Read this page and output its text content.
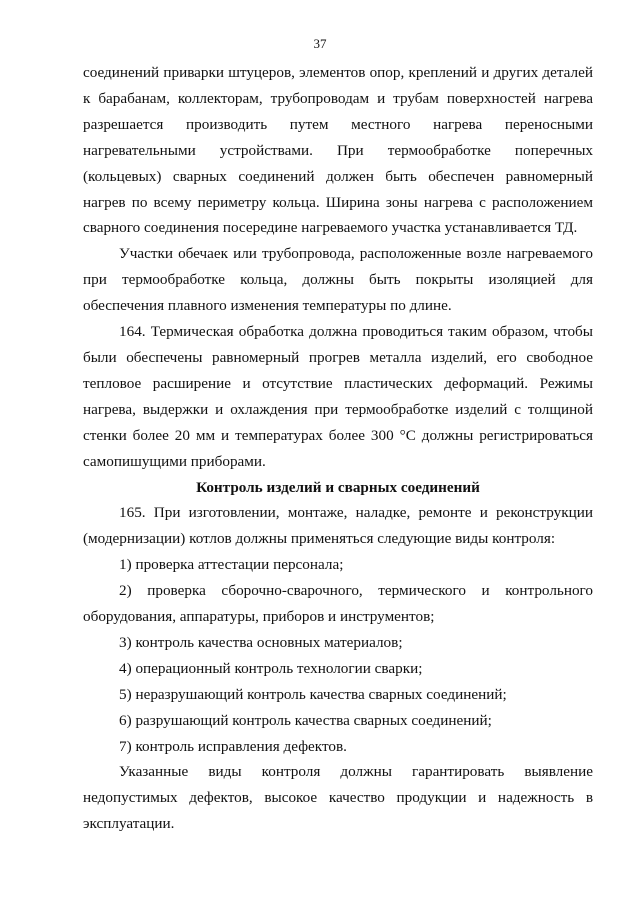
37

соединений приварки штуцеров, элементов опор, креплений и других деталей к барабанам, коллекторам, трубопроводам и трубам поверхностей нагрева разрешается производить путем местного нагрева переносными нагревательными устройствами. При термообработке поперечных (кольцевых) сварных соединений должен быть обеспечен равномерный нагрев по всему периметру кольца. Ширина зоны нагрева с расположением сварного соединения посередине нагреваемого участка устанавливается ТД.

Участки обечаек или трубопровода, расположенные возле нагреваемого при термообработке кольца, должны быть покрыты изоляцией для обеспечения плавного изменения температуры по длине.

164. Термическая обработка должна проводиться таким образом, чтобы были обеспечены равномерный прогрев металла изделий, его свободное тепловое расширение и отсутствие пластических деформаций. Режимы нагрева, выдержки и охлаждения при термообработке изделий с толщиной стенки более 20 мм и температурах более 300 °С должны регистрироваться самопишущими приборами.

Контроль изделий и сварных соединений

165. При изготовлении, монтаже, наладке, ремонте и реконструкции (модернизации) котлов должны применяться следующие виды контроля:

1) проверка аттестации персонала;

2) проверка сборочно-сварочного, термического и контрольного оборудования, аппаратуры, приборов и инструментов;

3) контроль качества основных материалов;

4) операционный контроль технологии сварки;

5) неразрушающий контроль качества сварных соединений;

6) разрушающий контроль качества сварных соединений;

7) контроль исправления дефектов.

Указанные виды контроля должны гарантировать выявление недопустимых дефектов, высокое качество продукции и надежность в эксплуатации.
